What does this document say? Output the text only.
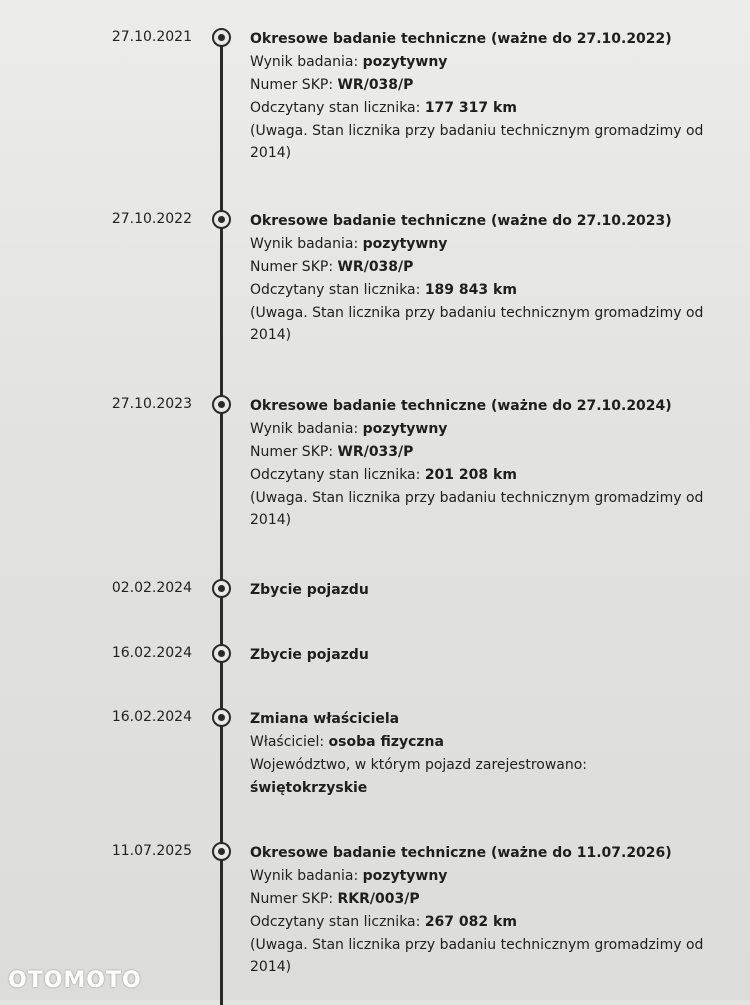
27.10.2021	Okresowe badanie techniczne (ważne do 27.10.2022)
Wynik badania: pozytywny
Numer SKP: WR/038/P
Odczytany stan licznika: 177 317 km
(Uwaga. Stan licznika przy badaniu technicznym gromadzimy od 2014)
27.10.2022	Okresowe badanie techniczne (ważne do 27.10.2023)
Wynik badania: pozytywny
Numer SKP: WR/038/P
Odczytany stan licznika: 189 843 km
(Uwaga. Stan licznika przy badaniu technicznym gromadzimy od 2014)
27.10.2023	Okresowe badanie techniczne (ważne do 27.10.2024)
Wynik badania: pozytywny
Numer SKP: WR/033/P
Odczytany stan licznika: 201 208 km
(Uwaga. Stan licznika przy badaniu technicznym gromadzimy od 2014)
02.02.2024	Zbycie pojazdu
16.02.2024	Zbycie pojazdu
16.02.2024	Zmiana właściciela
Właściciel: osoba fizyczna
Województwo, w którym pojazd zarejestrowano:
świętokrzyskie
11.07.2025	Okresowe badanie techniczne (ważne do 11.07.2026)
Wynik badania: pozytywny
Numer SKP: RKR/003/P
Odczytany stan licznika: 267 082 km
(Uwaga. Stan licznika przy badaniu technicznym gromadzimy od 2014)
OTOMOTO
